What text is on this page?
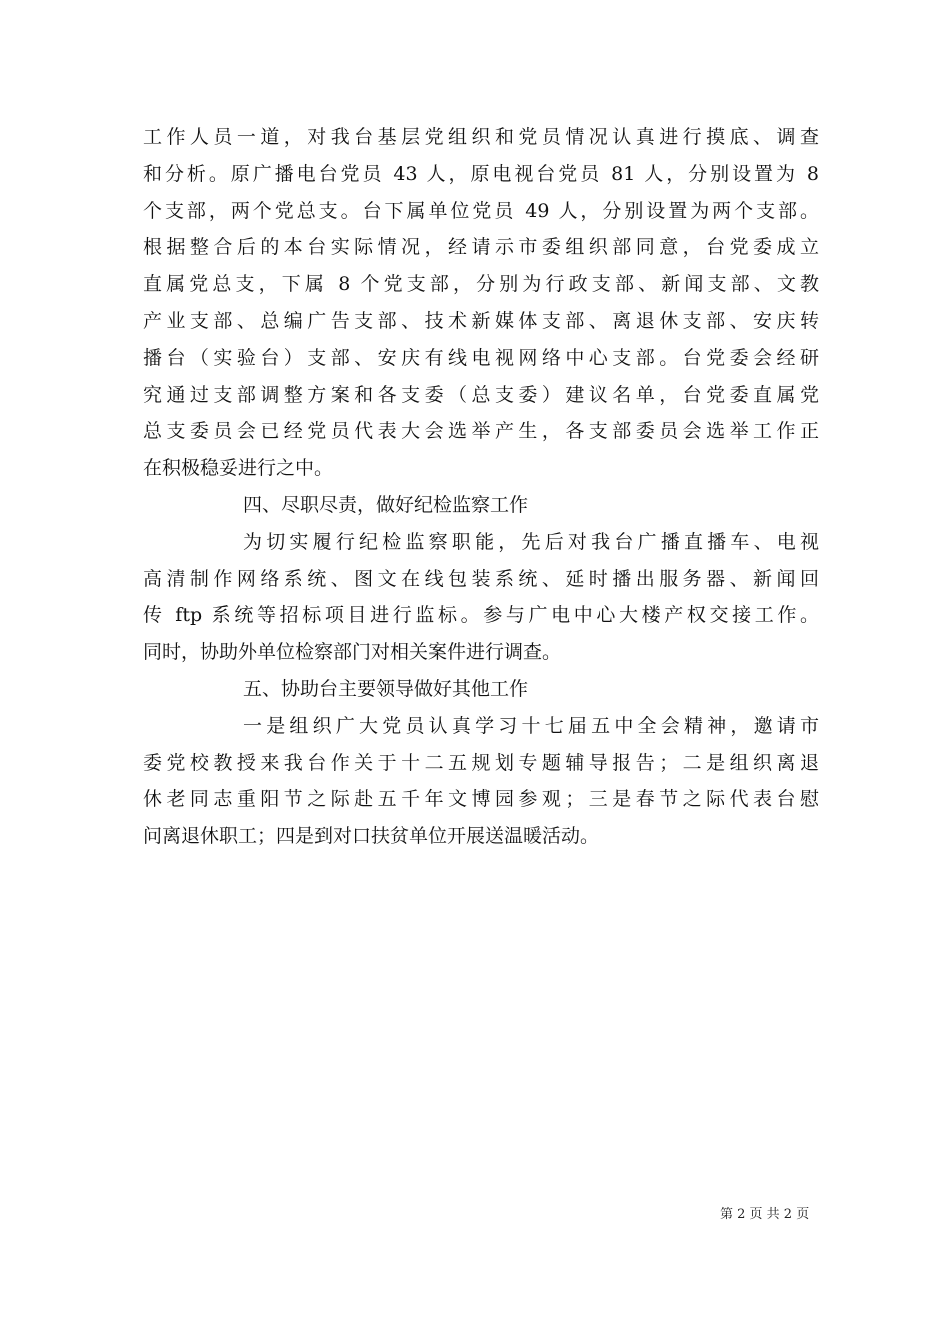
工作人员一道，对我台基层党组织和党员情况认真进行摸底、调查
和分析。原广播电台党员 43 人，原电视台党员 81 人，分别设置为 8
个支部，两个党总支。台下属单位党员 49 人，分别设置为两个支部。
根据整合后的本台实际情况，经请示市委组织部同意，台党委成立
直属党总支，下属 8 个党支部，分别为行政支部、新闻支部、文教
产业支部、总编广告支部、技术新媒体支部、离退休支部、安庆转
播台（实验台）支部、安庆有线电视网络中心支部。台党委会经研
究通过支部调整方案和各支委（总支委）建议名单，台党委直属党
总支委员会已经党员代表大会选举产生，各支部委员会选举工作正
在积极稳妥进行之中。
四、尽职尽责，做好纪检监察工作
为切实履行纪检监察职能，先后对我台广播直播车、电视
高清制作网络系统、图文在线包装系统、延时播出服务器、新闻回
传 ftp 系统等招标项目进行监标。参与广电中心大楼产权交接工作。
同时，协助外单位检察部门对相关案件进行调查。
五、协助台主要领导做好其他工作
一是组织广大党员认真学习十七届五中全会精神，邀请市
委党校教授来我台作关于十二五规划专题辅导报告；二是组织离退
休老同志重阳节之际赴五千年文博园参观；三是春节之际代表台慰
问离退休职工；四是到对口扶贫单位开展送温暖活动。
第 2 页 共 2 页
